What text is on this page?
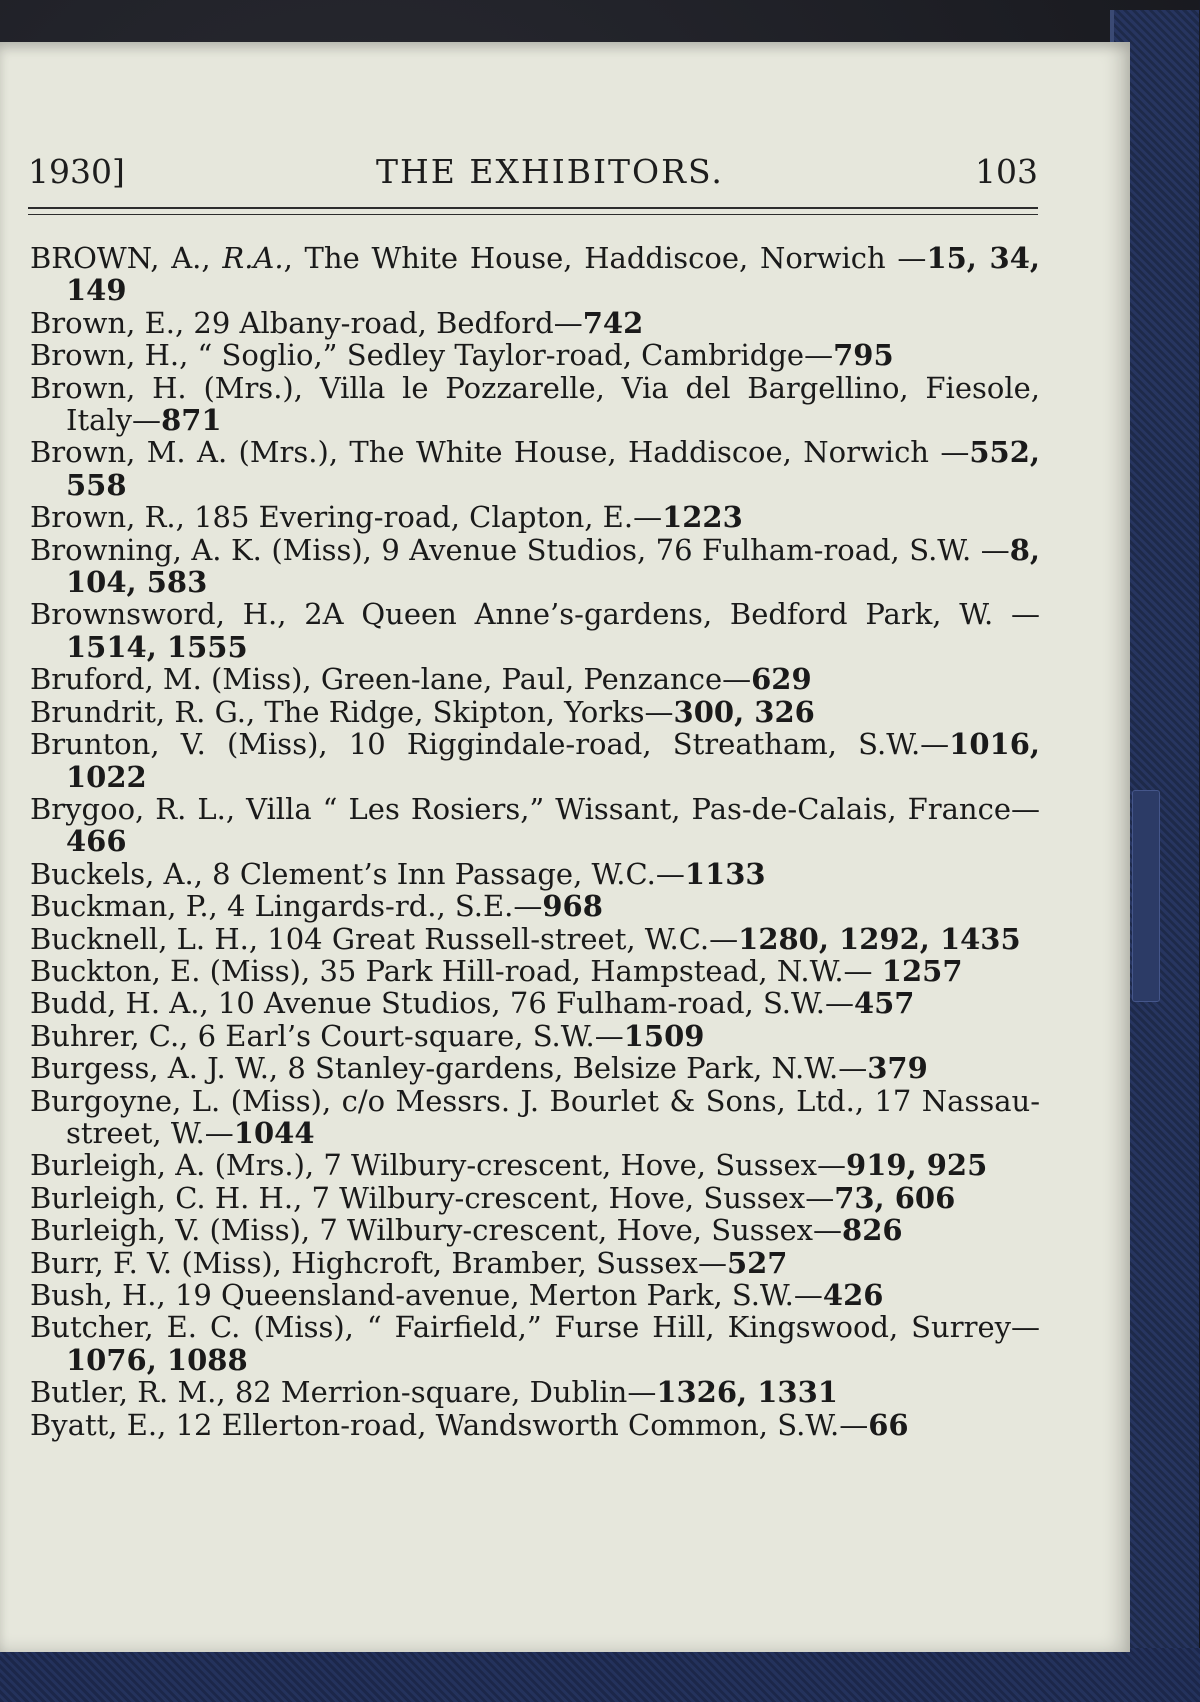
1930]	THE EXHIBITORS.	103
BROWN, A., R.A., The White House, Haddiscoe, Norwich —15, 34, 149
Brown, E., 29 Albany-road, Bedford—742
Brown, H., “ Soglio,” Sedley Taylor-road, Cambridge—795
Brown, H. (Mrs.), Villa le Pozzarelle, Via del Bargellino, Fiesole, Italy—871
Brown, M. A. (Mrs.), The White House, Haddiscoe, Norwich —552, 558
Brown, R., 185 Evering-road, Clapton, E.—1223
Browning, A. K. (Miss), 9 Avenue Studios, 76 Fulham-road, S.W. —8, 104, 583
Brownsword, H., 2A Queen Anne’s-gardens, Bedford Park, W. —1514, 1555
Bruford, M. (Miss), Green-lane, Paul, Penzance—629
Brundrit, R. G., The Ridge, Skipton, Yorks—300, 326
Brunton, V. (Miss), 10 Riggindale-road, Streatham, S.W.—1016, 1022
Brygoo, R. L., Villa “ Les Rosiers,” Wissant, Pas-de-Calais, France—466
Buckels, A., 8 Clement’s Inn Passage, W.C.—1133
Buckman, P., 4 Lingards-rd., S.E.—968
Bucknell, L. H., 104 Great Russell-street, W.C.—1280, 1292, 1435
Buckton, E. (Miss), 35 Park Hill-road, Hampstead, N.W.— 1257
Budd, H. A., 10 Avenue Studios, 76 Fulham-road, S.W.—457
Buhrer, C., 6 Earl’s Court-square, S.W.—1509
Burgess, A. J. W., 8 Stanley-gardens, Belsize Park, N.W.—379
Burgoyne, L. (Miss), c/o Messrs. J. Bourlet & Sons, Ltd., 17 Nassau-street, W.—1044
Burleigh, A. (Mrs.), 7 Wilbury-crescent, Hove, Sussex—919, 925
Burleigh, C. H. H., 7 Wilbury-crescent, Hove, Sussex—73, 606
Burleigh, V. (Miss), 7 Wilbury-crescent, Hove, Sussex—826
Burr, F. V. (Miss), Highcroft, Bramber, Sussex—527
Bush, H., 19 Queensland-avenue, Merton Park, S.W.—426
Butcher, E. C. (Miss), “ Fairfield,” Furse Hill, Kingswood, Surrey—1076, 1088
Butler, R. M., 82 Merrion-square, Dublin—1326, 1331
Byatt, E., 12 Ellerton-road, Wandsworth Common, S.W.—66
